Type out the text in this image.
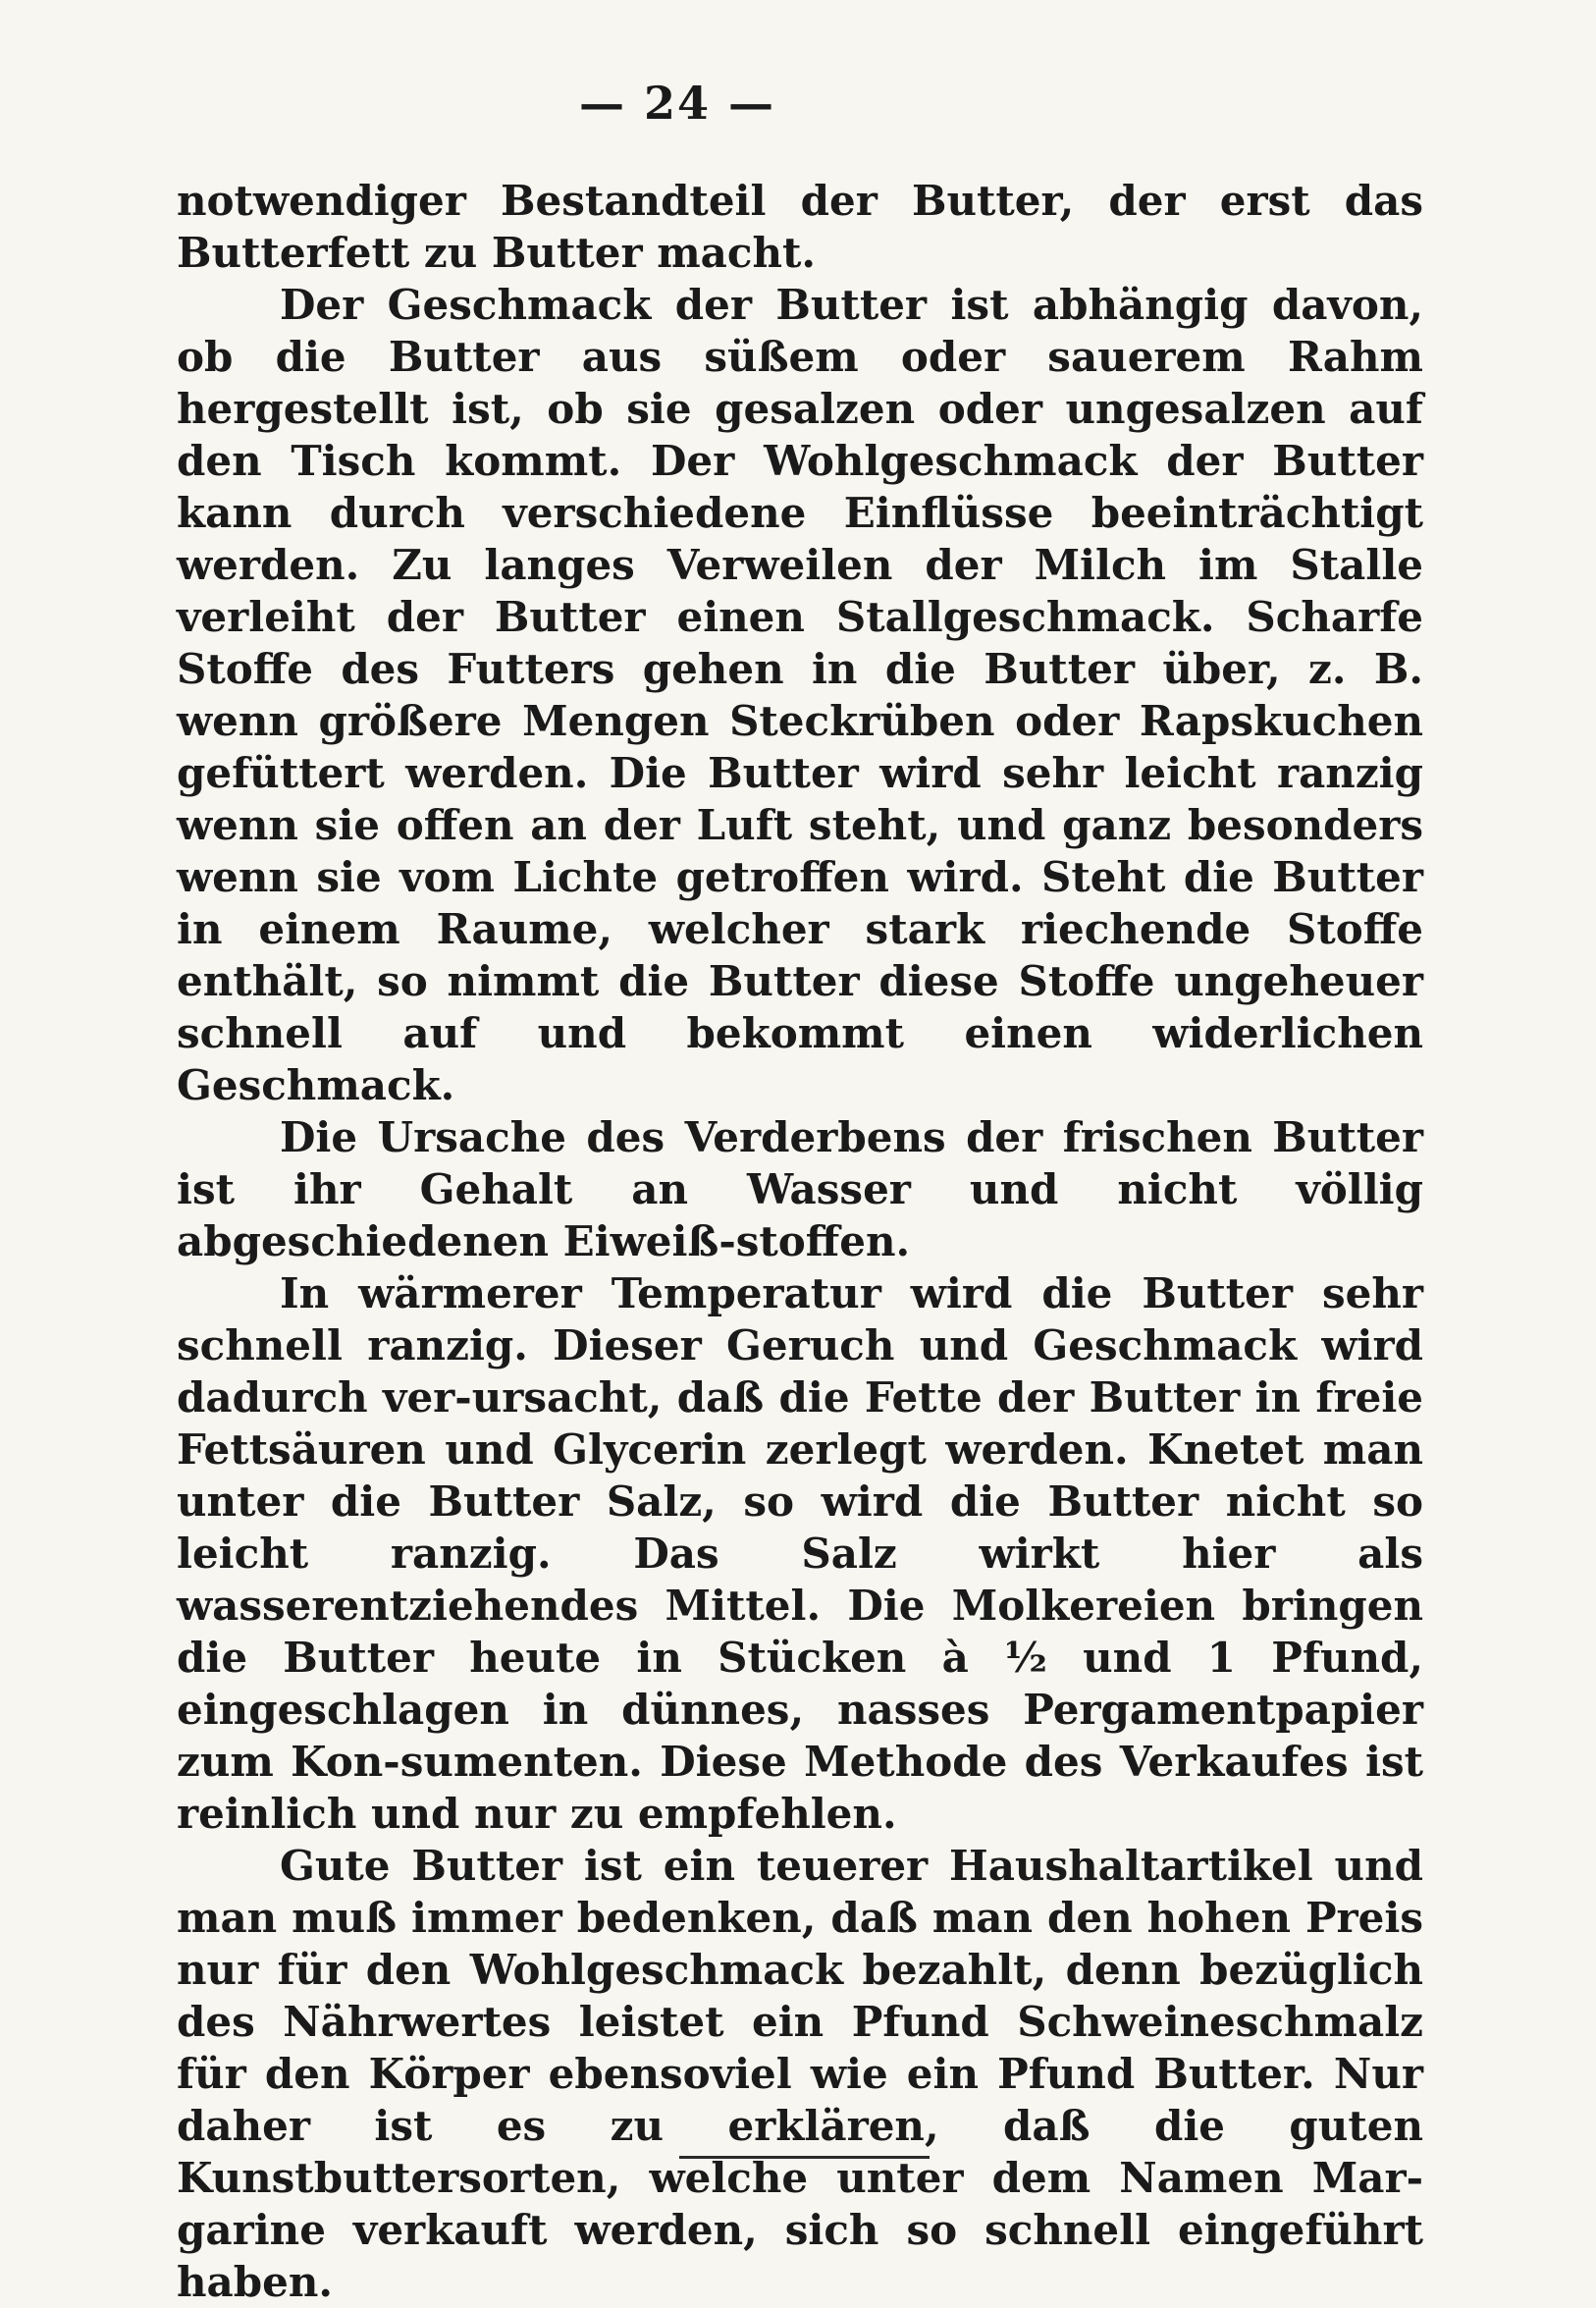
— 24 —

notwendiger Bestandteil der Butter, der erst das Butterfett zu Butter macht.

Der Geschmack der Butter ist abhängig davon, ob die Butter aus süßem oder sauerem Rahm hergestellt ist, ob sie gesalzen oder ungesalzen auf den Tisch kommt. Der Wohlgeschmack der Butter kann durch verschiedene Einflüsse beeinträchtigt werden. Zu langes Verweilen der Milch im Stalle verleiht der Butter einen Stallgeschmack. Scharfe Stoffe des Futters gehen in die Butter über, z. B. wenn größere Mengen Steckrüben oder Rapskuchen gefüttert werden. Die Butter wird sehr leicht ranzig wenn sie offen an der Luft steht, und ganz besonders wenn sie vom Lichte getroffen wird. Steht die Butter in einem Raume, welcher stark riechende Stoffe enthält, so nimmt die Butter diese Stoffe ungeheuer schnell auf und bekommt einen widerlichen Geschmack.

Die Ursache des Verderbens der frischen Butter ist ihr Gehalt an Wasser und nicht völlig abgeschiedenen Eiweiß-stoffen.

In wärmerer Temperatur wird die Butter sehr schnell ranzig. Dieser Geruch und Geschmack wird dadurch ver-ursacht, daß die Fette der Butter in freie Fettsäuren und Glycerin zerlegt werden. Knetet man unter die Butter Salz, so wird die Butter nicht so leicht ranzig. Das Salz wirkt hier als wasserentziehendes Mittel. Die Molkereien bringen die Butter heute in Stücken à ½ und 1 Pfund, eingeschlagen in dünnes, nasses Pergamentpapier zum Kon-sumenten. Diese Methode des Verkaufes ist reinlich und nur zu empfehlen.

Gute Butter ist ein teuerer Haushaltartikel und man muß immer bedenken, daß man den hohen Preis nur für den Wohlgeschmack bezahlt, denn bezüglich des Nährwertes leistet ein Pfund Schweineschmalz für den Körper ebensoviel wie ein Pfund Butter. Nur daher ist es zu erklären, daß die guten Kunstbuttersorten, welche unter dem Namen Mar-garine verkauft werden, sich so schnell eingeführt haben.
